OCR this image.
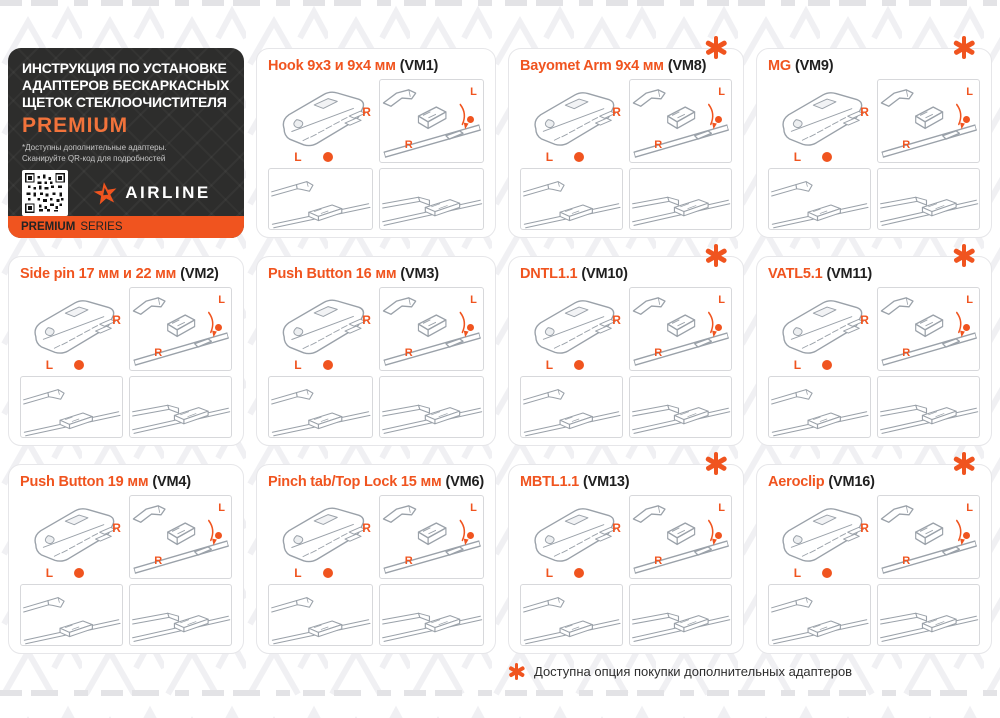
ИНСТРУКЦИЯ ПО УСТАНОВКЕ
АДАПТЕРОВ БЕСКАРКАСНЫХ
ЩЕТОК СТЕКЛООЧИСТИТЕЛЯ
PREMIUM
*Доступны дополнительные адаптеры.
Сканируйте QR-код для подробностей
AIRLINE
PREMIUM SERIES
Hook 9x3 и 9x4 мм (VM1)
R
L
R
L
Bayomet Arm 9x4 мм (VM8)
R
L
R
L
MG (VM9)
R
L
R
L
Side pin 17 мм и 22 мм (VM2)
R
L
R
L
Push Button 16 мм (VM3)
R
L
R
L
DNTL1.1 (VM10)
R
L
R
L
VATL5.1 (VM11)
R
L
R
L
Push Button 19 мм (VM4)
R
L
R
L
Pinch tab/Top Lock 15 мм (VM6)
R
L
R
L
MBTL1.1 (VM13)
R
L
R
L
Aeroclip (VM16)
R
L
R
L
Доступна опция покупки дополнительных адаптеров
